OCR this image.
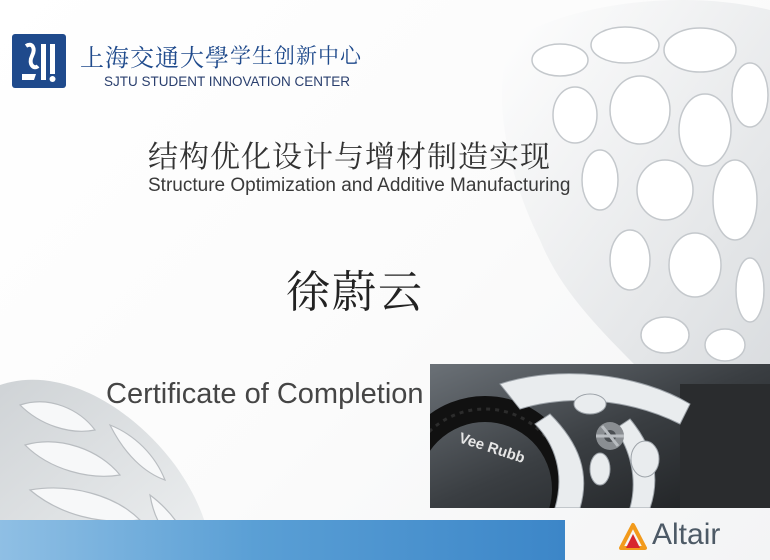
上海交通大學 学生创新中心
SJTU STUDENT INNOVATION CENTER
结构优化设计与增材制造实现
Structure Optimization and Additive Manufacturing
徐蔚云
Certificate of Completion
Vee Rubb
Altair
